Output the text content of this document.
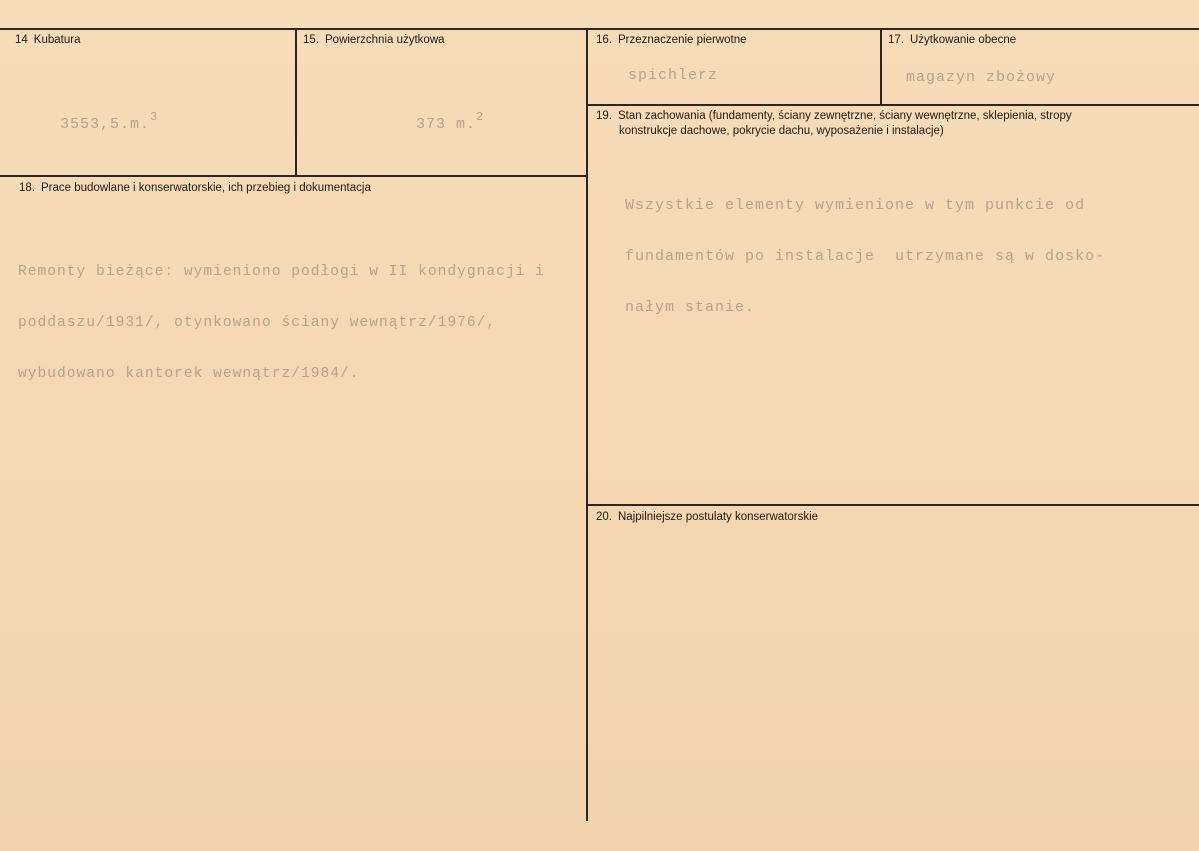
14 Kubatura

3553,5.m.$^3$

15. Powierzchnia użytkowa

373 m.$^2$

16. Przeznaczenie pierwotne
spichlerz
17. Użytkowanie obecne
magazyn zbożowy
18. Prace budowlane i konserwatorskie, ich przebieg i dokumentacja

Remonty bieżące: wymieniono podłogi w II kondygnacji i

poddaszu/1931/, otynkowano ściany wewnątrz/1976/,

wybudowano kantorek wewnątrz/1984/.

19. Stan zachowania (fundamenty, ściany zewnętrzne, ściany wewnętrzne, sklepienia, stropy
konstrukcje dachowe, pokrycie dachu, wyposażenie i instalacje)

Wszystkie elementy wymienione w tym punkcie od

fundamentów po instalacje  utrzymane są w dosko-

nałym stanie.

20. Najpilniejsze postulaty konserwatorskie
